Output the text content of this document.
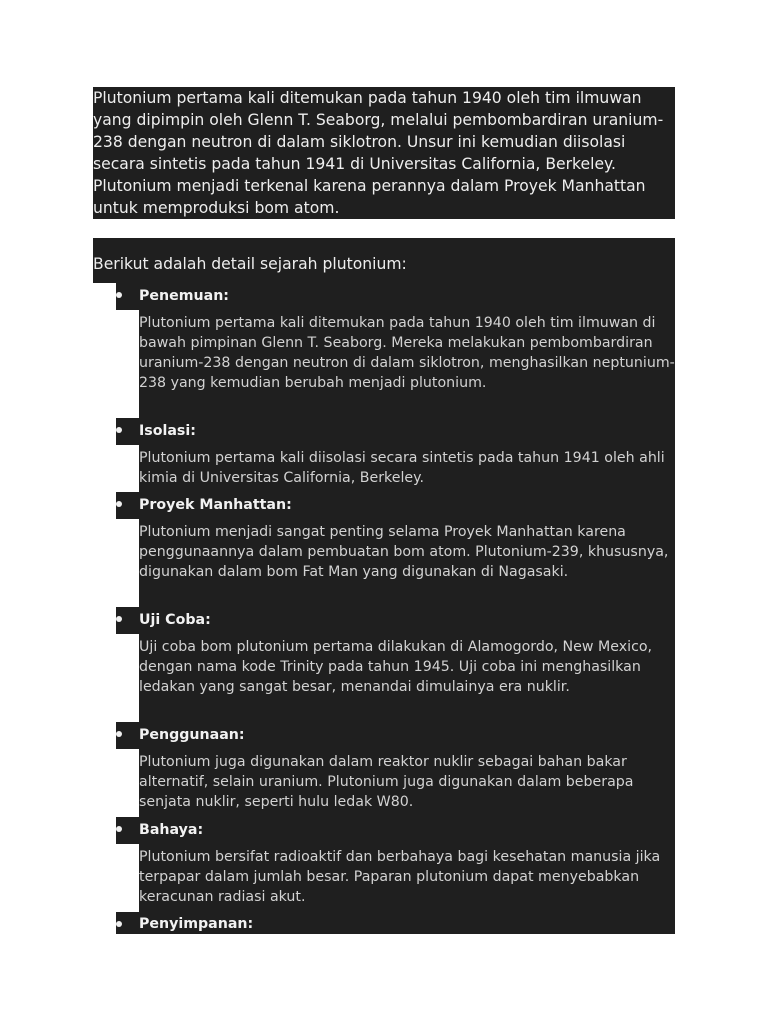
Plutonium pertama kali ditemukan pada tahun 1940 oleh tim ilmuwan yang dipimpin oleh Glenn T. Seaborg, melalui pembombardiran uranium-238 dengan neutron di dalam siklotron. Unsur ini kemudian diisolasi secara sintetis pada tahun 1941 di Universitas California, Berkeley. Plutonium menjadi terkenal karena perannya dalam Proyek Manhattan untuk memproduksi bom atom.

Berikut adalah detail sejarah plutonium:

Penemuan:

Plutonium pertama kali ditemukan pada tahun 1940 oleh tim ilmuwan di bawah pimpinan Glenn T. Seaborg. Mereka melakukan pembombardiran uranium-238 dengan neutron di dalam siklotron, menghasilkan neptunium-238 yang kemudian berubah menjadi plutonium.

Isolasi:

Plutonium pertama kali diisolasi secara sintetis pada tahun 1941 oleh ahli kimia di Universitas California, Berkeley.

Proyek Manhattan:

Plutonium menjadi sangat penting selama Proyek Manhattan karena penggunaannya dalam pembuatan bom atom. Plutonium-239, khususnya, digunakan dalam bom Fat Man yang digunakan di Nagasaki.

Uji Coba:

Uji coba bom plutonium pertama dilakukan di Alamogordo, New Mexico, dengan nama kode Trinity pada tahun 1945. Uji coba ini menghasilkan ledakan yang sangat besar, menandai dimulainya era nuklir.

Penggunaan:

Plutonium juga digunakan dalam reaktor nuklir sebagai bahan bakar alternatif, selain uranium. Plutonium juga digunakan dalam beberapa senjata nuklir, seperti hulu ledak W80.

Bahaya:

Plutonium bersifat radioaktif dan berbahaya bagi kesehatan manusia jika terpapar dalam jumlah besar. Paparan plutonium dapat menyebabkan keracunan radiasi akut.

Penyimpanan:
